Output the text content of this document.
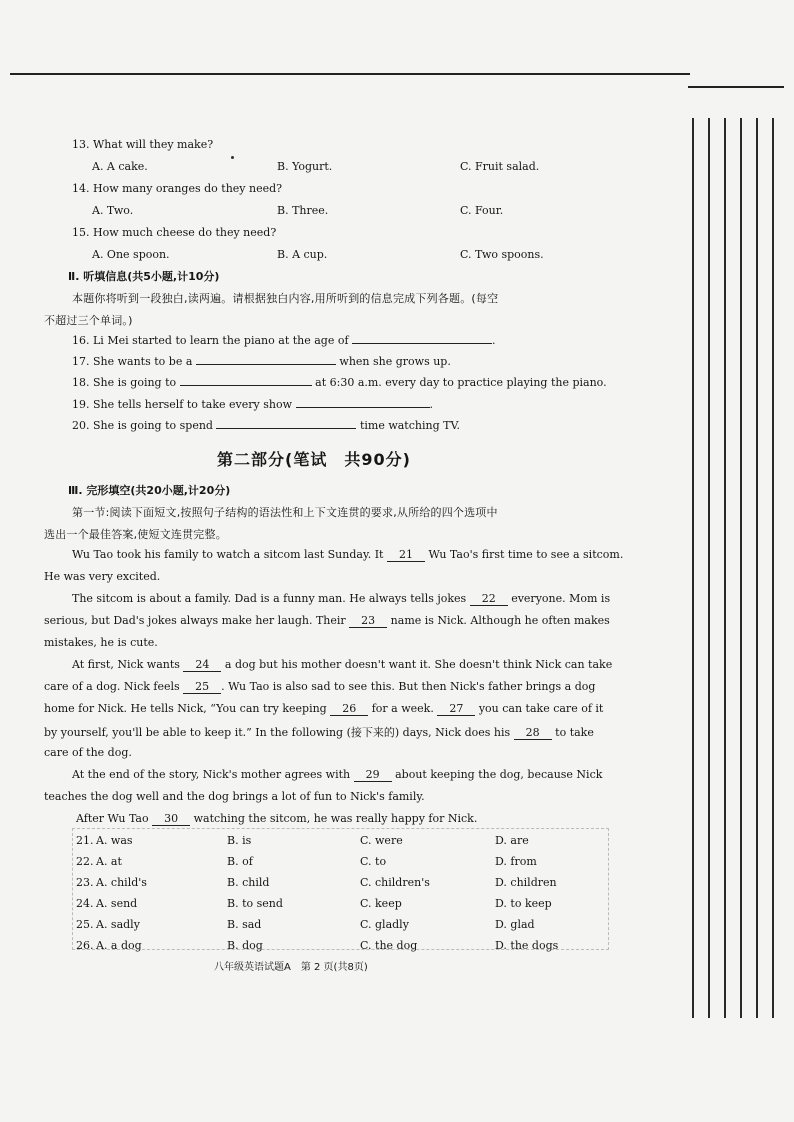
13. What will they make?
A. A cake.	B. Yogurt.	C. Fruit salad.
14. How many oranges do they need?
A. Two.	B. Three.	C. Four.
15. How much cheese do they need?
A. One spoon.	B. A cup.	C. Two spoons.
Ⅱ. 听填信息(共5小题,计10分)
本题你将听到一段独白,读两遍。请根据独白内容,用所听到的信息完成下列各题。(每空
不超过三个单词。)
16. Li Mei started to learn the piano at the age of	.
17. She wants to be a	when she grows up.
18. She is going to	at 6:30 a.m. every day to practice playing the piano.
19. She tells herself to take every show	.
20. She is going to spend	time watching TV.
第二部分(笔试　共90分)
Ⅲ. 完形填空(共20小题,计20分)
第一节:阅读下面短文,按照句子结构的语法性和上下文连贯的要求,从所给的四个选项中
选出一个最佳答案,使短文连贯完整。
Wu Tao took his family to watch a sitcom last Sunday. It 21 Wu Tao's first time to see a sitcom.
He was very excited.
The sitcom is about a family. Dad is a funny man. He always tells jokes 22 everyone. Mom is
serious, but Dad's jokes always make her laugh. Their 23 name is Nick. Although he often makes
mistakes, he is cute.
At first, Nick wants 24 a dog but his mother doesn't want it. She doesn't think Nick can take
care of a dog. Nick feels 25 . Wu Tao is also sad to see this. But then Nick's father brings a dog
home for Nick. He tells Nick, “You can try keeping 26 for a week. 27 you can take care of it
by yourself, you'll be able to keep it.” In the following (接下来的) days, Nick does his 28 to take
care of the dog.
At the end of the story, Nick's mother agrees with 29 about keeping the dog, because Nick
teaches the dog well and the dog brings a lot of fun to Nick's family.
After Wu Tao 30 watching the sitcom, he was really happy for Nick.
21. A. was	B. is	C. were	D. are
22. A. at	B. of	C. to	D. from
23. A. child's	B. child	C. children's	D. children
24. A. send	B. to send	C. keep	D. to keep
25. A. sadly	B. sad	C. gladly	D. glad
26. A. a dog	B. dog	C. the dog	D. the dogs
八年级英语试题A　第 2 页(共8页)
